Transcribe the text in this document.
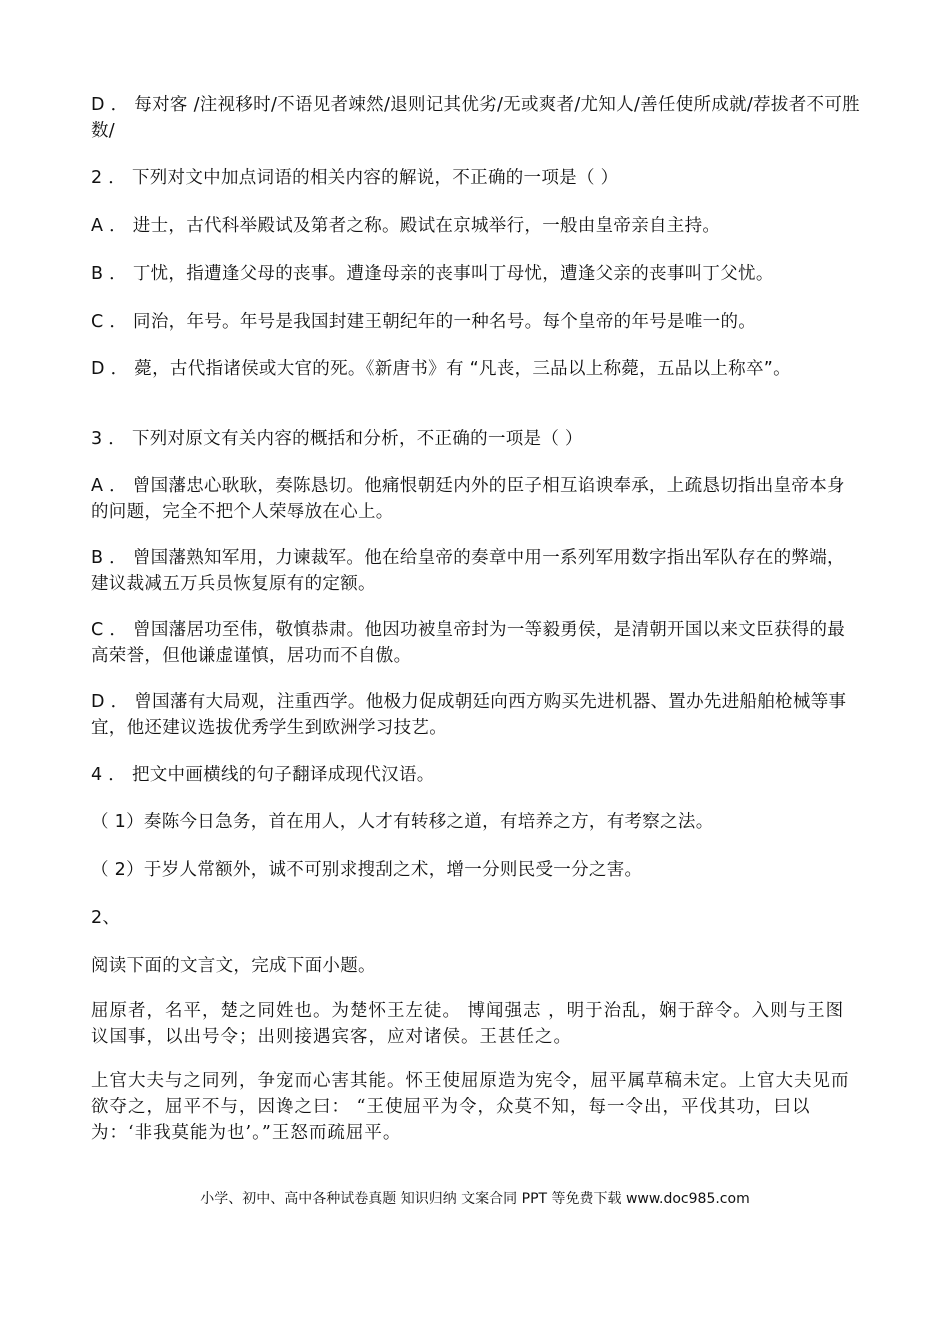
D ． 每对客 /注视移时/不语见者竦然/退则记其优劣/无或爽者/尤知人/善任使所成就/荐拔者不可胜数/

2 ． 下列对文中加点词语的相关内容的解说，不正确的一项是（ ）

A ． 进士，古代科举殿试及第者之称。殿试在京城举行，一般由皇帝亲自主持。

B ． 丁忧，指遭逢父母的丧事。遭逢母亲的丧事叫丁母忧，遭逢父亲的丧事叫丁父忧。

C ． 同治，年号。年号是我国封建王朝纪年的一种名号。每个皇帝的年号是唯一的。

D ． 薨，古代指诸侯或大官的死。《新唐书》有 “凡丧，三品以上称薨，五品以上称卒”。

3 ． 下列对原文有关内容的概括和分析，不正确的一项是（ ）

A ． 曾国藩忠心耿耿，奏陈恳切。他痛恨朝廷内外的臣子相互谄谀奉承，上疏恳切指出皇帝本身的问题，完全不把个人荣辱放在心上。

B ． 曾国藩熟知军用，力谏裁军。他在给皇帝的奏章中用一系列军用数字指出军队存在的弊端，建议裁减五万兵员恢复原有的定额。

C ． 曾国藩居功至伟，敬慎恭肃。他因功被皇帝封为一等毅勇侯，是清朝开国以来文臣获得的最高荣誉，但他谦虚谨慎，居功而不自傲。

D ． 曾国藩有大局观，注重西学。他极力促成朝廷向西方购买先进机器、置办先进船舶枪械等事宜，他还建议选拔优秀学生到欧洲学习技艺。

4 ． 把文中画横线的句子翻译成现代汉语。

（ 1）奏陈今日急务，首在用人，人才有转移之道，有培养之方，有考察之法。

（ 2）于岁人常额外，诚不可别求搜刮之术，增一分则民受一分之害。

2、

阅读下面的文言文，完成下面小题。

屈原者，名平，楚之同姓也。为楚怀王左徒。 博闻强志 ，明于治乱，娴于辞令。入则与王图议国事，以出号令；出则接遇宾客，应对诸侯。王甚任之。

上官大夫与之同列，争宠而心害其能。怀王使屈原造为宪令，屈平属草稿未定。上官大夫见而欲夺之，屈平不与，因谗之曰： “王使屈平为令，众莫不知，每一令出，平伐其功，曰以为：‘非我莫能为也’。”王怒而疏屈平。

小学、初中、高中各种试卷真题 知识归纳 文案合同 PPT 等免费下载 www.doc985.com
